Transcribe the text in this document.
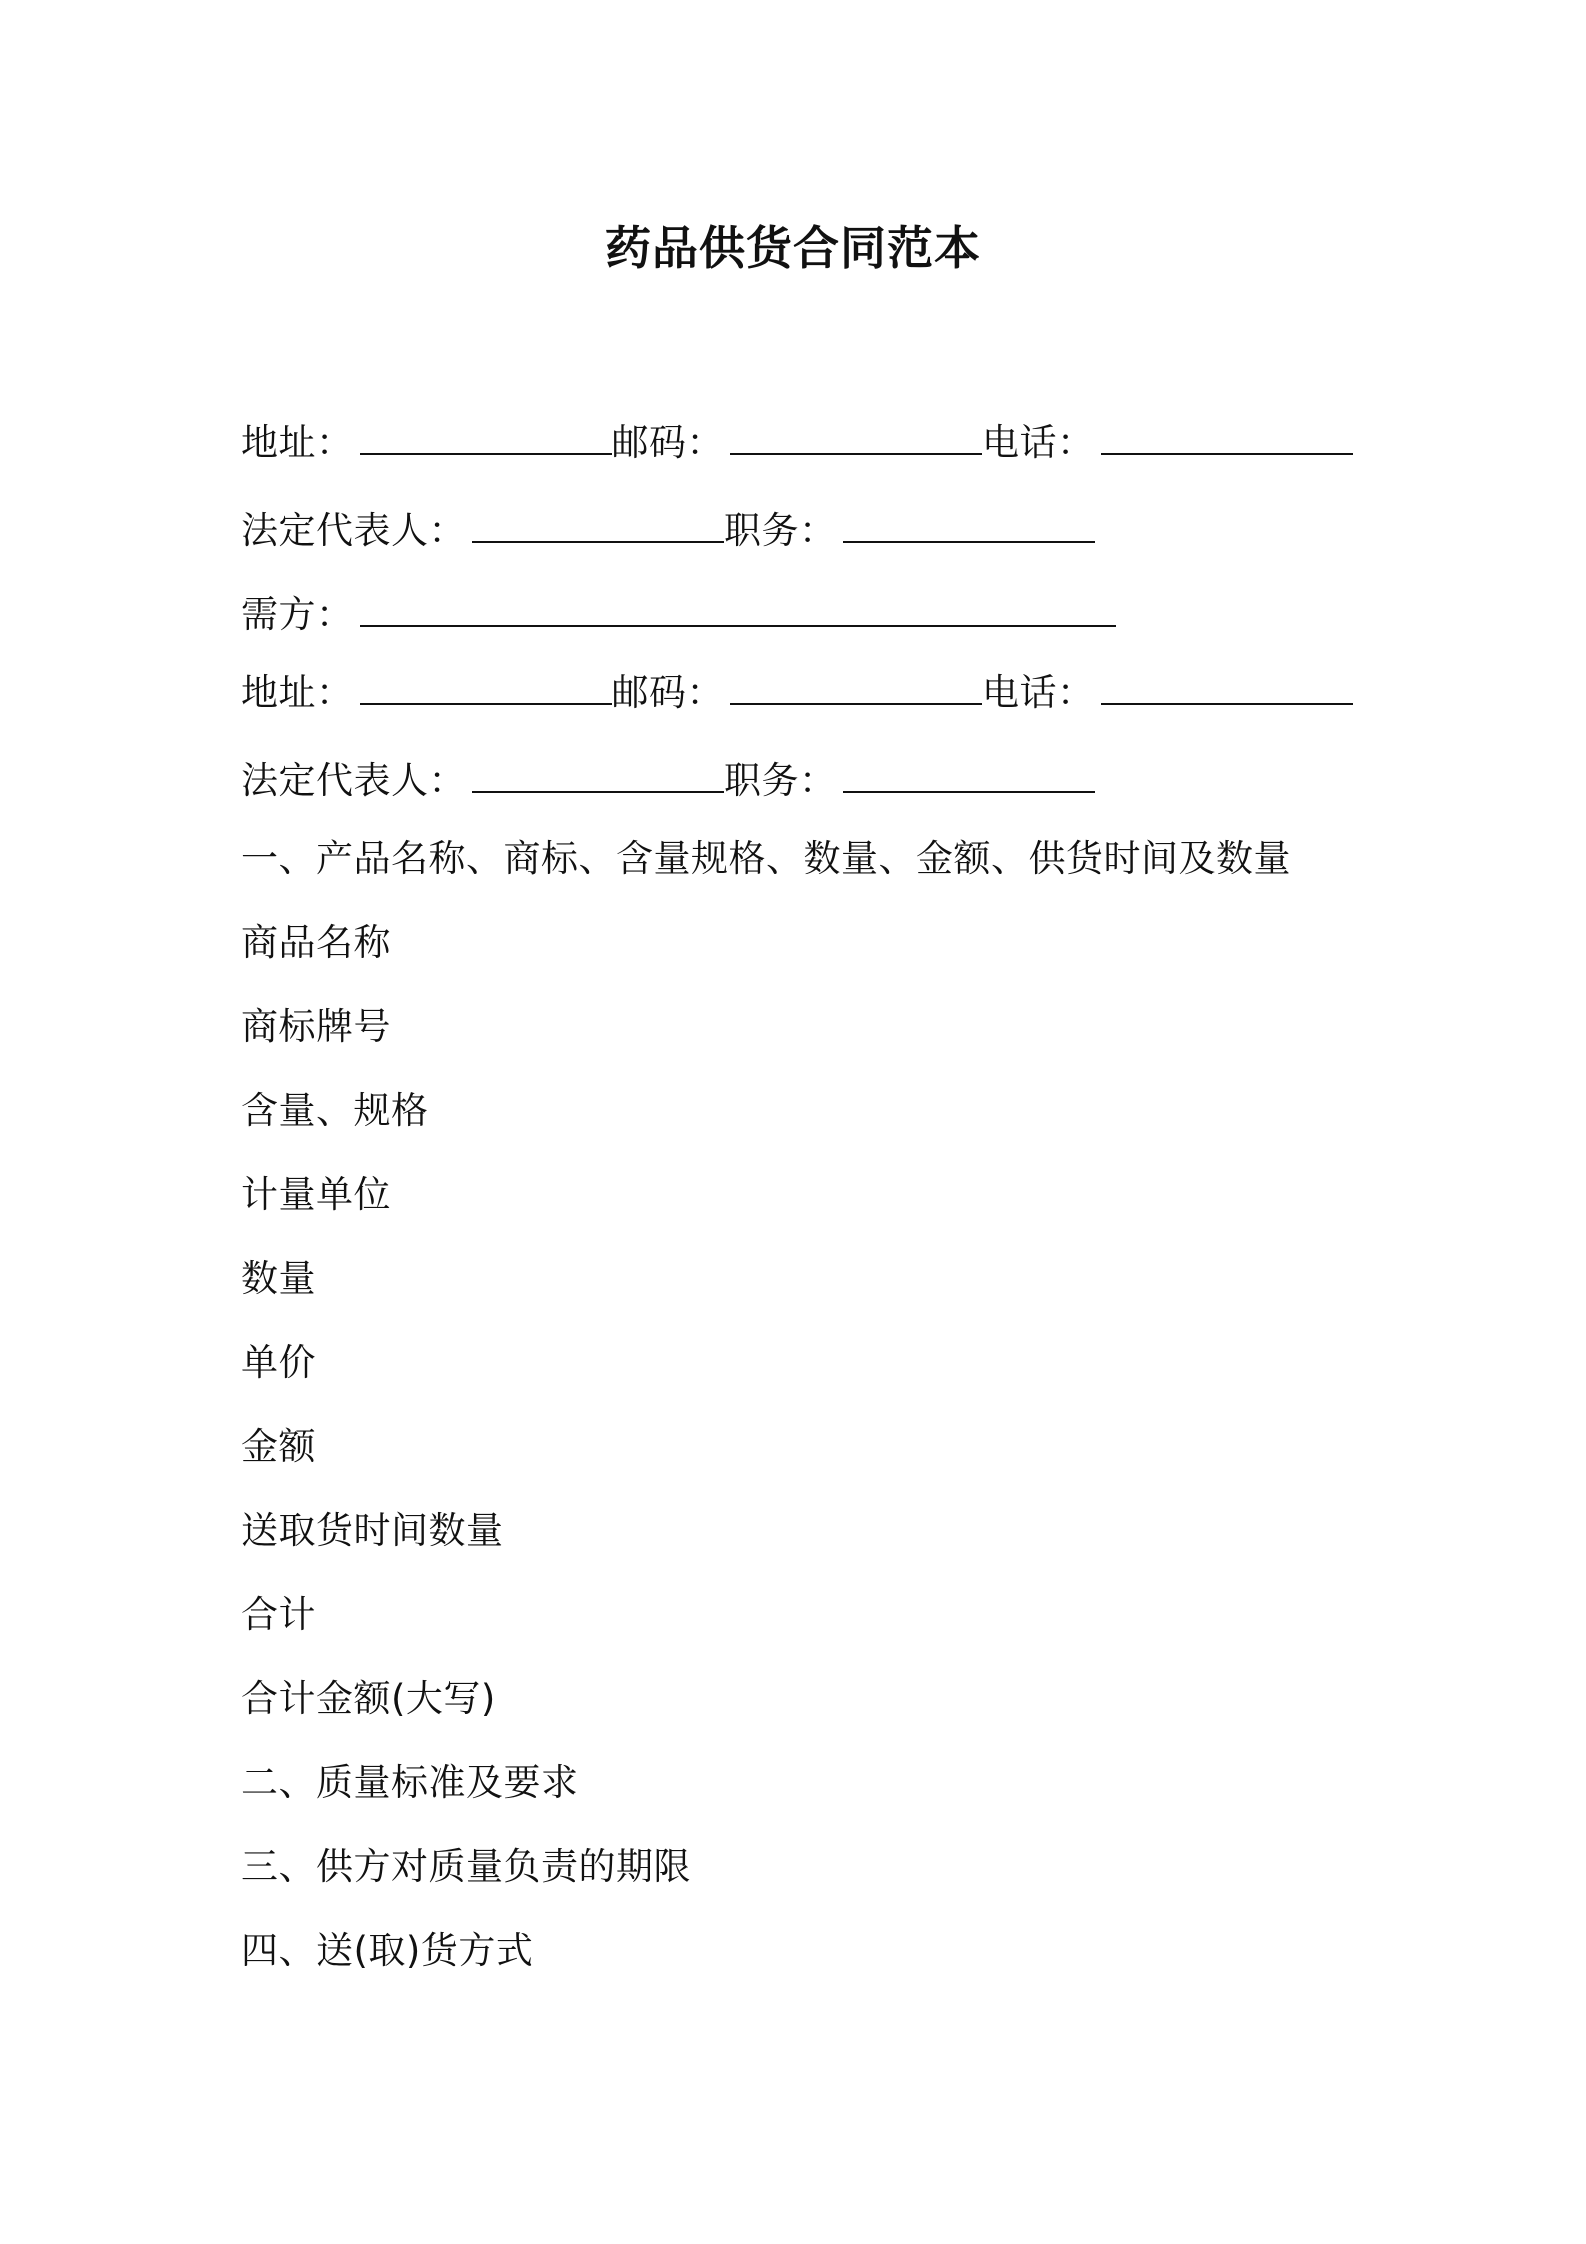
药品供货合同范本
地址：	邮码：	电话：
法定代表人：	职务：
需方：
地址：	邮码：	电话：
法定代表人：	职务：
一、产品名称、商标、含量规格、数量、金额、供货时间及数量
商品名称
商标牌号
含量、规格
计量单位
数量
单价
金额
送取货时间数量
合计
合计金额(大写)
二、质量标准及要求
三、供方对质量负责的期限
四、送(取)货方式
